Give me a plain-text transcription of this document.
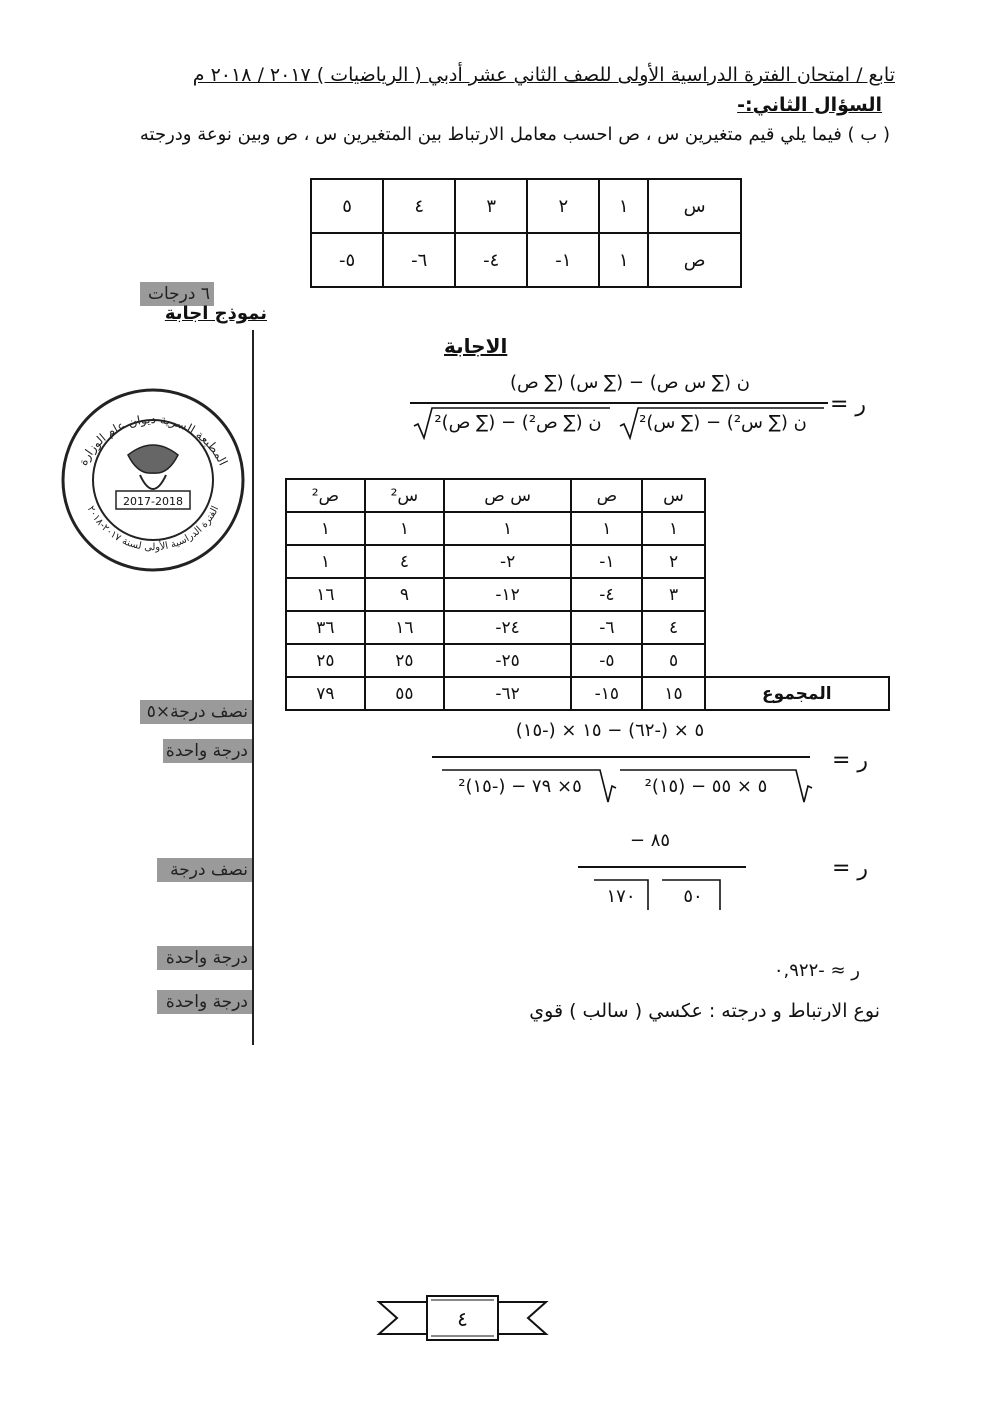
تابع / امتحان الفترة الدراسية الأولى للصف الثاني عشر أدبي ( الرياضيات ) ٢٠١٧ / ٢٠١٨ م
السؤال الثاني:-
( ب ) فيما يلي قيم متغيرين س ، ص احسب معامل الارتباط بين المتغيرين س ، ص وبين نوعة ودرجته
س	١	٢	٣	٤	٥
ص	١	١-	٤-	٦-	٥-
٦ درجات
نموذج اجابة
نصف درجة×٥
درجة واحدة
نصف درجة
درجة واحدة
درجة واحدة
المطبعة السرية ديوان عام الوزارة
الفترة الدراسية الأولى لسنة ٢٠١٧-٢٠١٨
2017-2018
الاجابة
ر =
ن (∑ س ص) − (∑ س) (∑ ص)
ن (∑ س²) − (∑ س)²
ن (∑ ص²) − (∑ ص)²
	س	ص	س ص	س²	ص²
	١	١	١	١	١
	٢	١-	٢-	٤	١
	٣	٤-	١٢-	٩	١٦
	٤	٦-	٢٤-	١٦	٣٦
	٥	٥-	٢٥-	٢٥	٢٥
المجموع	١٥	١٥-	٦٢-	٥٥	٧٩
ر =
٥ × (-٦٢) − ١٥ × (-١٥)
٥ × ٥٥ − (١٥)²
٥× ٧٩ − (-١٥)²
ر =
٨٥ −
٥٠
١٧٠
ر ≈ -٠,٩٢٢
نوع الارتباط و درجته : عكسي ( سالب ) قوي
٤
